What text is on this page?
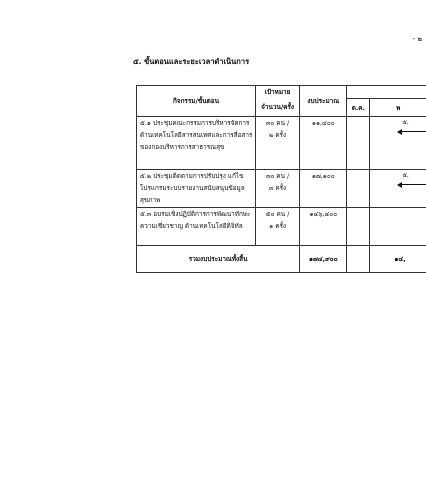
- ๒
๕. ขั้นตอนและระยะเวลาดำเนินการ
กิจกรรม/ขั้นตอน	เป้าหมาย	งบประมาณ		
	จำนวน/ครั้ง		ต.ค.	พ
๕.๑ ประชุมคณะกรรมการบริหารจัดการด้านเทคโนโลยีสารสนเทศและการสื่อสารของกองบริหารการสาธารณสุข	๓๐ คน /
๒ ครั้ง	๑๑,๔๐๐		๕,

๕.๒ ประชุมติดตามการปรับปรุง แก้ไขโปรแกรมระบบรายงานสนับสนุนข้อมูลสุขภาพ	๓๐ คน /
๓ ครั้ง	๑๗,๑๐๐		๕,

๕.๓ อบรมเชิงปฏิบัติการการพัฒนาทักษะ ความเชี่ยวชาญ ด้านเทคโนโลยีดิจิทัล	๕๐ คน /
๑ ครั้ง	๑๔๖,๔๐๐		
รวมงบประมาณทั้งสิ้น		๑๗๔,๙๐๐		๑๔,
